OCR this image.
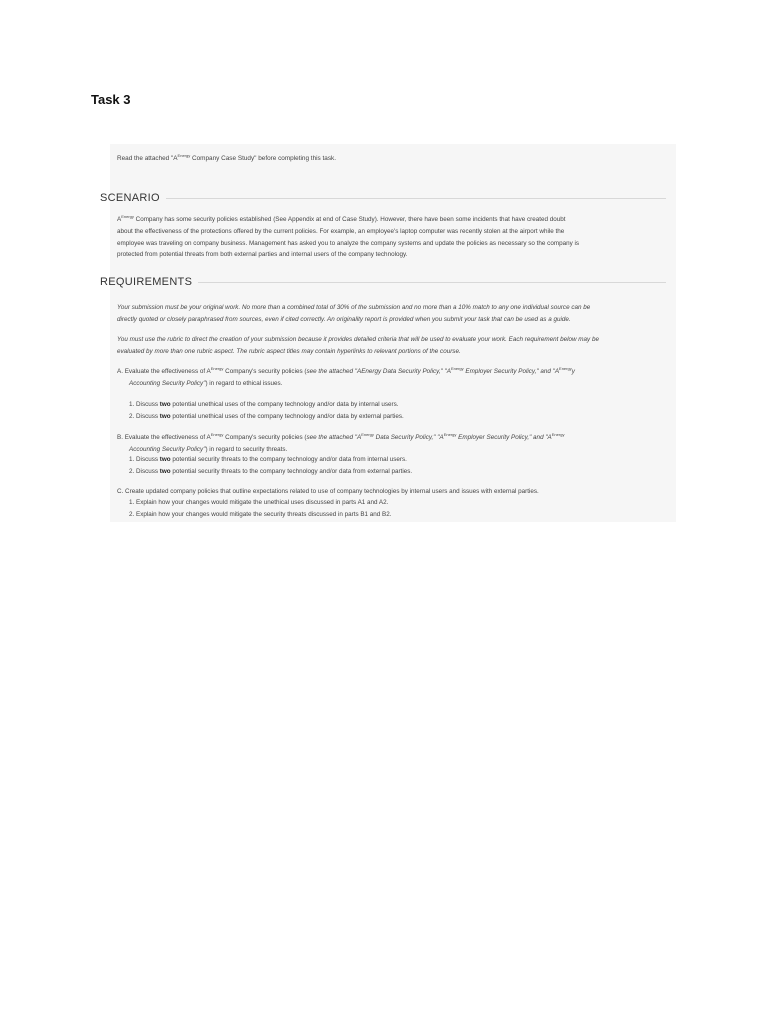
Task 3
Read the attached "$A^{Energy}$ Company Case Study" before completing this task.
SCENARIO
$A^{Energy}$ Company has some security policies established (See Appendix at end of Case Study). However, there have been some incidents that have created doubt
about the effectiveness of the protections offered by the current policies. For example, an employee's laptop computer was recently stolen at the airport while the
employee was traveling on company business. Management has asked you to analyze the company systems and update the policies as necessary so the company is
protected from potential threats from both external parties and internal users of the company technology.
REQUIREMENTS
Your submission must be your original work. No more than a combined total of 30% of the submission and no more than a 10% match to any one individual source can be
directly quoted or closely paraphrased from sources, even if cited correctly. An originality report is provided when you submit your task that can be used as a guide.
You must use the rubric to direct the creation of your submission because it provides detailed criteria that will be used to evaluate your work. Each requirement below may be
evaluated by more than one rubric aspect. The rubric aspect titles may contain hyperlinks to relevant portions of the course.
A. Evaluate the effectiveness of $A^{Energy}$ Company's security policies (see the attached "AEnergy Data Security Policy," "$A^{Energy}$ Employer Security Policy," and "$A^{Energy}y$
Accounting Security Policy") in regard to ethical issues.
1. Discuss two potential unethical uses of the company technology and/or data by internal users.
2. Discuss two potential unethical uses of the company technology and/or data by external parties.
B. Evaluate the effectiveness of $A^{Energy}$ Company's security policies (see the attached "$A^{Energy}$ Data Security Policy," "$A^{Energy}$ Employer Security Policy," and "$A^{Energy}$
Accounting Security Policy") in regard to security threats.
1. Discuss two potential security threats to the company technology and/or data from internal users.
2. Discuss two potential security threats to the company technology and/or data from external parties.
C. Create updated company policies that outline expectations related to use of company technologies by internal users and issues with external parties.
1. Explain how your changes would mitigate the unethical uses discussed in parts A1 and A2.
2. Explain how your changes would mitigate the security threats discussed in parts B1 and B2.
